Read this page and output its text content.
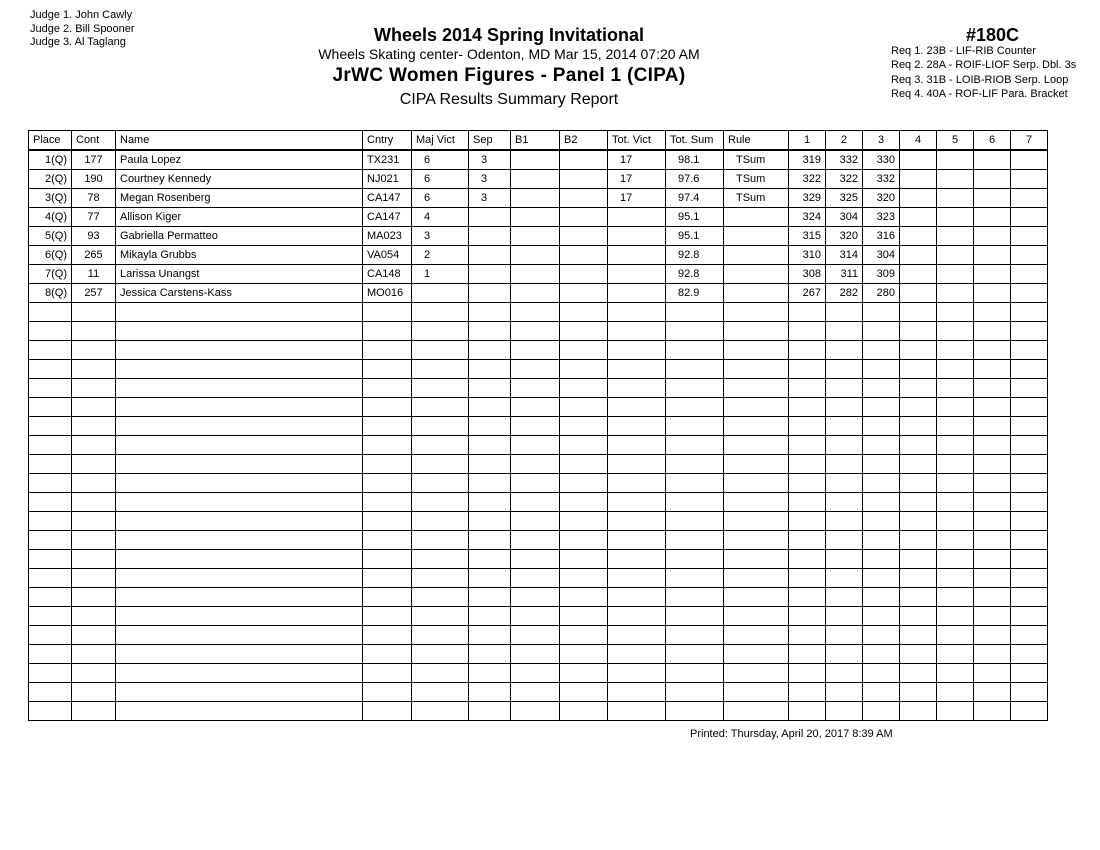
Judge 1. John Cawly
Judge 2. Bill Spooner
Judge 3. Al Taglang	Wheels 2014 Spring Invitational
Wheels Skating center- Odenton, MD Mar 15, 2014 07:20 AM
JrWC Women Figures - Panel 1 (CIPA)
CIPA Results Summary Report
#180C
Req 1. 23B - LIF-RIB Counter
Req 2. 28A - ROIF-LIOF Serp. Dbl. 3s
Req 3. 31B - LOIB-RIOB Serp. Loop
Req 4. 40A - ROF-LIF Para. Bracket
Place	Cont	Name	Cntry	Maj Vict	Sep	B1	B2	Tot. Vict	Tot. Sum	Rule	1	2	3	4	5	6	7
1(Q)	177	Paula Lopez	TX231	6	3			17	98.1	TSum	319	332	330				
2(Q)	190	Courtney Kennedy	NJ021	6	3			17	97.6	TSum	322	322	332				
3(Q)	78	Megan Rosenberg	CA147	6	3			17	97.4	TSum	329	325	320				
4(Q)	77	Allison Kiger	CA147	4					95.1		324	304	323				
5(Q)	93	Gabriella Permatteo	MA023	3					95.1		315	320	316				
6(Q)	265	Mikayla Grubbs	VA054	2					92.8		310	314	304				
7(Q)	11	Larissa Unangst	CA148	1					92.8		308	311	309				
8(Q)	257	Jessica Carstens-Kass	MO016						82.9		267	282	280				

Printed: Thursday, April 20, 2017 8:39 AM
